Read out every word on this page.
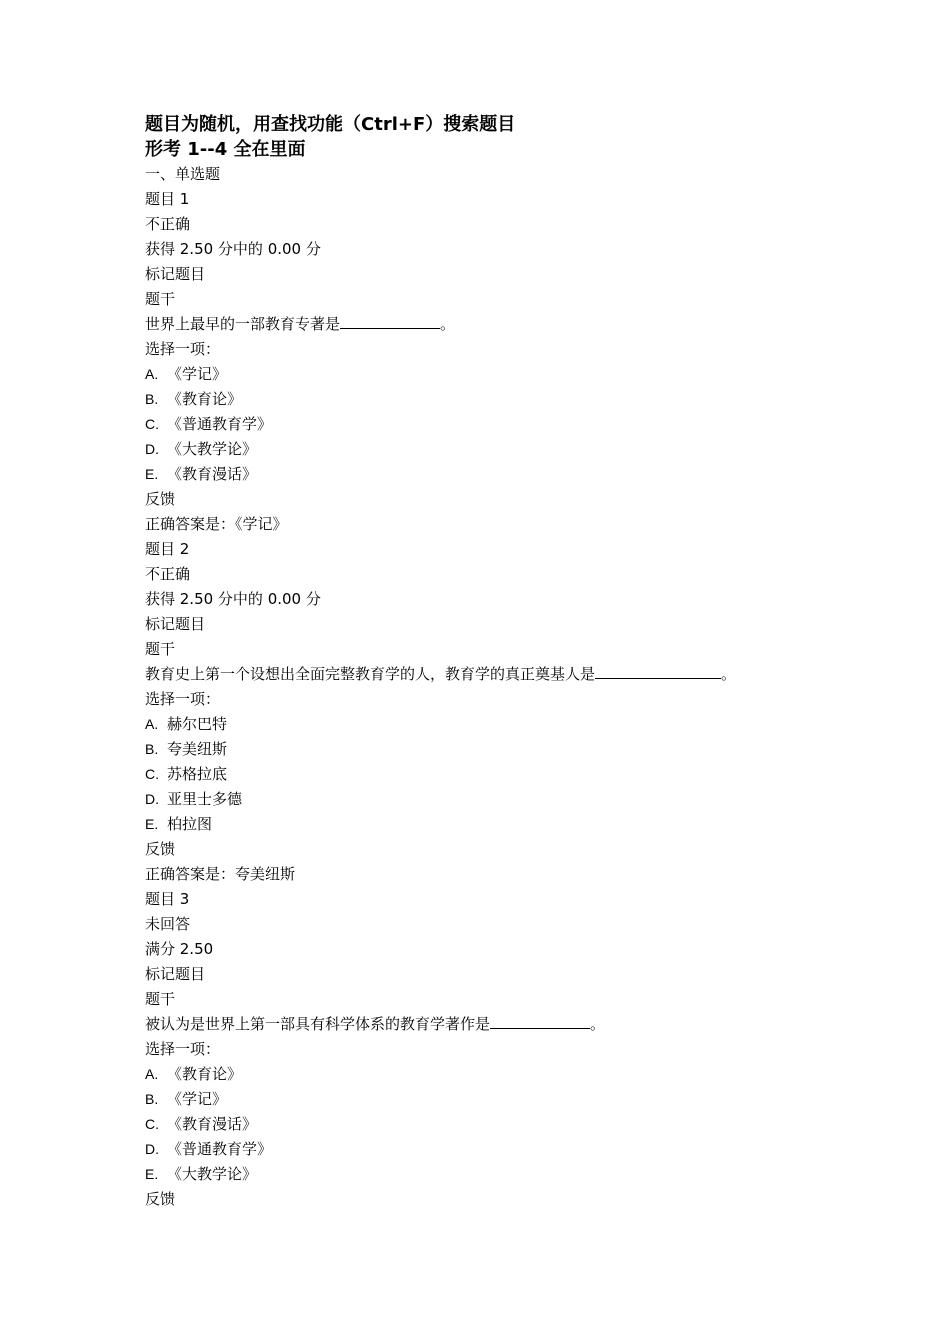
题目为随机，用查找功能（Ctrl+F）搜索题目
形考 1--4 全在里面
一、单选题
题目 1
不正确
获得 2.50 分中的 0.00 分
标记题目
题干
世界上最早的一部教育专著是	。
选择一项：
A. 《学记》
B. 《教育论》
C. 《普通教育学》
D. 《大教学论》
E. 《教育漫话》
反馈
正确答案是：《学记》
题目 2
不正确
获得 2.50 分中的 0.00 分
标记题目
题干
教育史上第一个设想出全面完整教育学的人，教育学的真正奠基人是	。
选择一项：
A. 赫尔巴特
B. 夸美纽斯
C. 苏格拉底
D. 亚里士多德
E. 柏拉图
反馈
正确答案是：夸美纽斯
题目 3
未回答
满分 2.50
标记题目
题干
被认为是世界上第一部具有科学体系的教育学著作是	。
选择一项：
A. 《教育论》
B. 《学记》
C. 《教育漫话》
D. 《普通教育学》
E. 《大教学论》
反馈
